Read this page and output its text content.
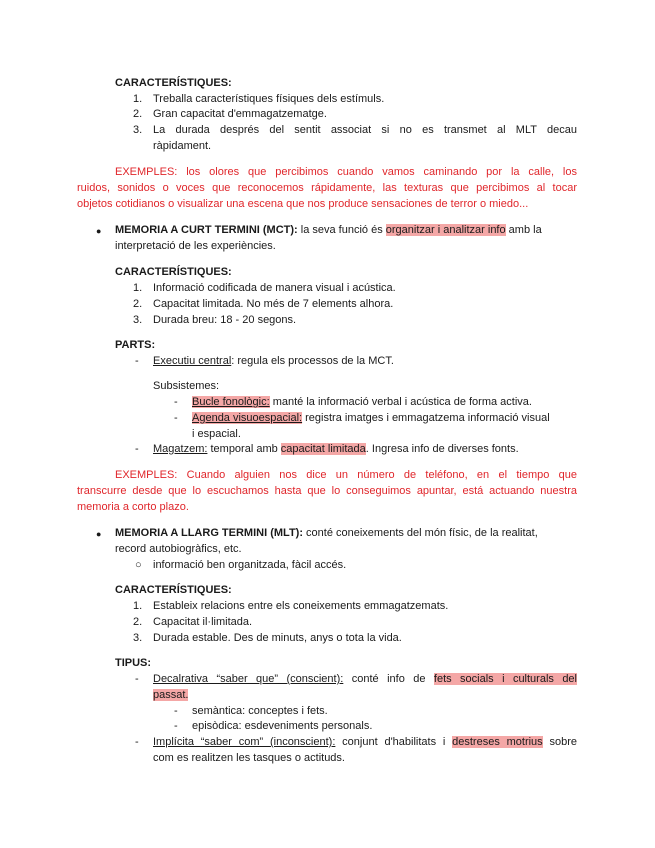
CARACTERÍSTIQUES:
1. Treballa característiques físiques dels estímuls.
2. Gran capacitat d'emmagatzematge.
3. La durada després del sentit associat si no es transmet al MLT decau
ràpidament.
EXEMPLES: los olores que percibimos cuando vamos caminando por la calle, los
ruidos, sonidos o voces que reconocemos rápidamente, las texturas que percibimos al tocar
objetos cotidianos o visualizar una escena que nos produce sensaciones de terror o miedo...
● MEMORIA A CURT TERMINI (MCT): la seva funció és organitzar i analitzar info amb la
interpretació de les experiències.
CARACTERÍSTIQUES:
1. Informació codificada de manera visual i acústica.
2. Capacitat limitada. No més de 7 elements alhora.
3. Durada breu: 18 - 20 segons.
PARTS:
- Executiu central: regula els processos de la MCT.
Subsistemes:
- Bucle fonològic: manté la informació verbal i acústica de forma activa.
- Agenda visuoespacial: registra imatges i emmagatzema informació visual
i espacial.
- Magatzem: temporal amb capacitat limitada. Ingresa info de diverses fonts.
EXEMPLES: Cuando alguien nos dice un número de teléfono, en el tiempo que
transcurre desde que lo escuchamos hasta que lo conseguimos apuntar, está actuando nuestra
memoria a corto plazo.
● MEMORIA A LLARG TERMINI (MLT): conté coneixements del món físic, de la realitat,
record autobiogràfics, etc.
○ informació ben organitzada, fàcil accés.
CARACTERÍSTIQUES:
1. Estableix relacions entre els coneixements emmagatzemats.
2. Capacitat il·limitada.
3. Durada estable. Des de minuts, anys o tota la vida.
TIPUS:
- Decalrativa “saber que” (conscient): conté info de fets socials i culturals del
passat.
- semàntica: conceptes i fets.
- episòdica: esdeveniments personals.
- Implícita “saber com” (inconscient): conjunt d'habilitats i destreses motrius sobre
com es realitzen les tasques o actituds.
